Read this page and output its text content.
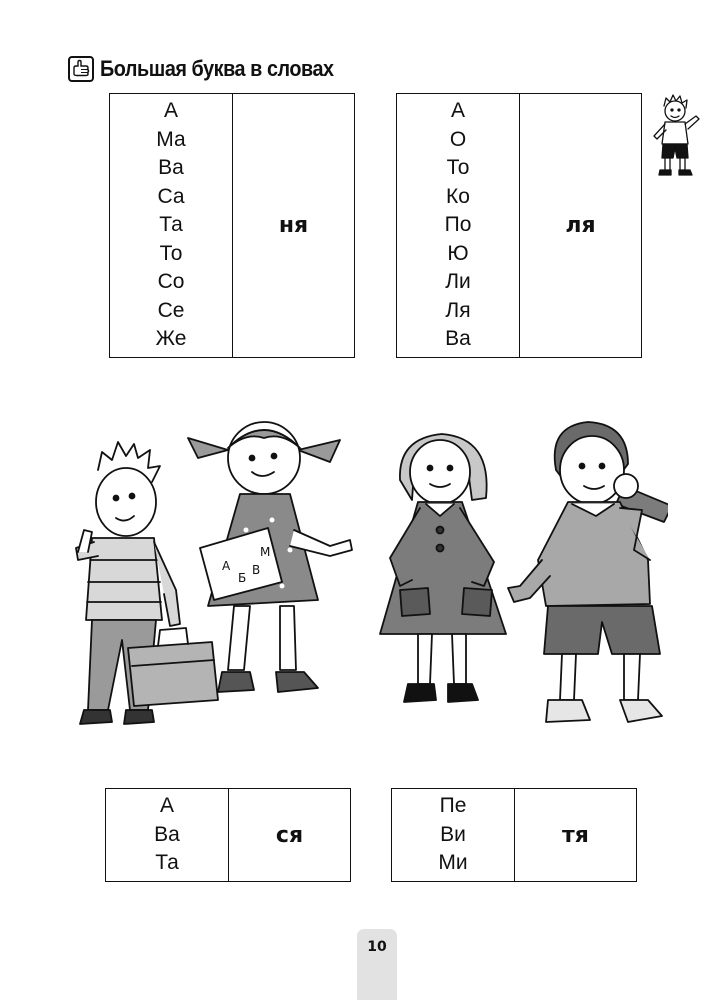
Большая буква в словах
А
Ма
Ва
Са
Та
То
Со
Се
Же
ня
А
О
То
Ко
По
Ю
Ли
Ля
Ва
ля
А
Б
В
М
А
Ва
Та
ся
Пе
Ви
Ми
тя
10
